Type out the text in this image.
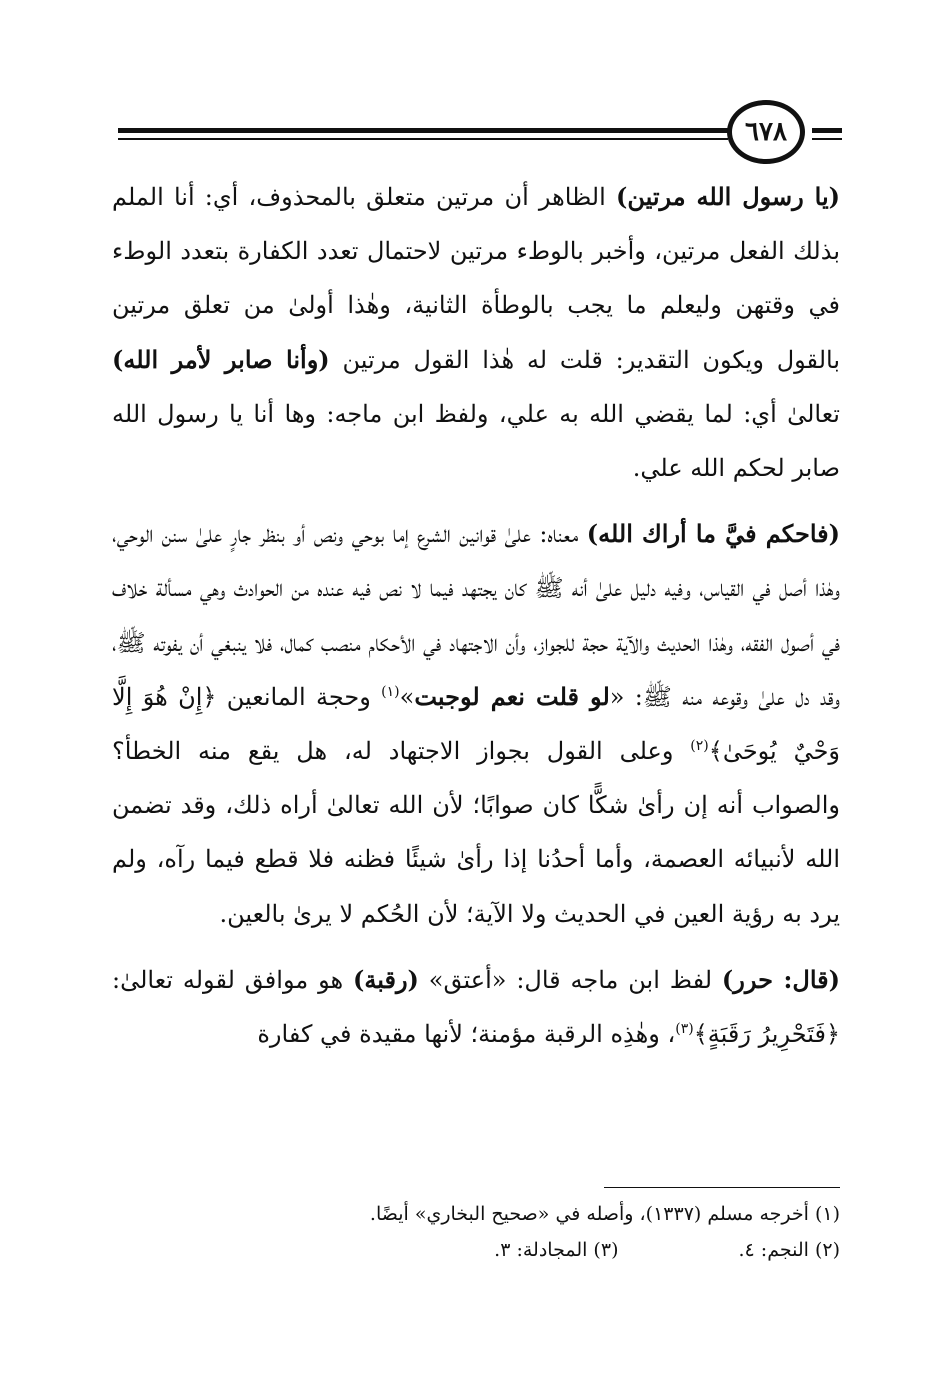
٦٧٨

(يا رسول الله مرتين) الظاهر أن مرتين متعلق بالمحذوف، أي: أنا الملم بذلك الفعل مرتين، وأخبر بالوطء مرتين لاحتمال تعدد الكفارة بتعدد الوطء في وقتهن وليعلم ما يجب بالوطأة الثانية، وهٰذا أولىٰ من تعلق مرتين بالقول ويكون التقدير: قلت له هٰذا القول مرتين (وأنا صابر لأمر الله) تعالىٰ أي: لما يقضي الله به علي، ولفظ ابن ماجه: وها أنا يا رسول الله صابر لحكم الله علي.

(فاحكم فيَّ ما أراك الله) معناه: علىٰ قوانين الشرع إما بوحي ونص أو بنظر جارٍ علىٰ سنن الوحي، وهٰذا أصل في القياس، وفيه دليل علىٰ أنه ﷺ كان يجتهد فيما لا نص فيه عنده من الحوادث وهي مسألة خلاف في أصول الفقه، وهٰذا الحديث والآية حجة للجواز، وأن الاجتهاد في الأحكام منصب كمال، فلا ينبغي أن يفوته ﷺ، وقد دل علىٰ وقوعه منه ﷺ: «لو قلت نعم لوجبت»$^{(١)}$ وحجة المانعين ﴿إِنْ هُوَ إِلَّا وَحْيٌ يُوحَىٰ﴾$^{(٢)}$ وعلى القول بجواز الاجتهاد له، هل يقع منه الخطأ؟ والصواب أنه إن رأىٰ شكًّا كان صوابًا؛ لأن الله تعالىٰ أراه ذلك، وقد تضمن الله لأنبيائه العصمة، وأما أحدُنا إذا رأىٰ شيئًا فظنه فلا قطع فيما رآه، ولم يرد به رؤية العين في الحديث ولا الآية؛ لأن الحُكم لا يرىٰ بالعين.

(قال: حرر) لفظ ابن ماجه قال: «أعتق» (رقبة) هو موافق لقوله تعالىٰ: ﴿فَتَحْرِيرُ رَقَبَةٍ﴾$^{(٣)}$، وهٰذِه الرقبة مؤمنة؛ لأنها مقيدة في كفارة

(١) أخرجه مسلم (١٣٣٧)، وأصله في «صحيح البخاري» أيضًا.
(٢) النجم: ٤.(٣) المجادلة: ٣.
